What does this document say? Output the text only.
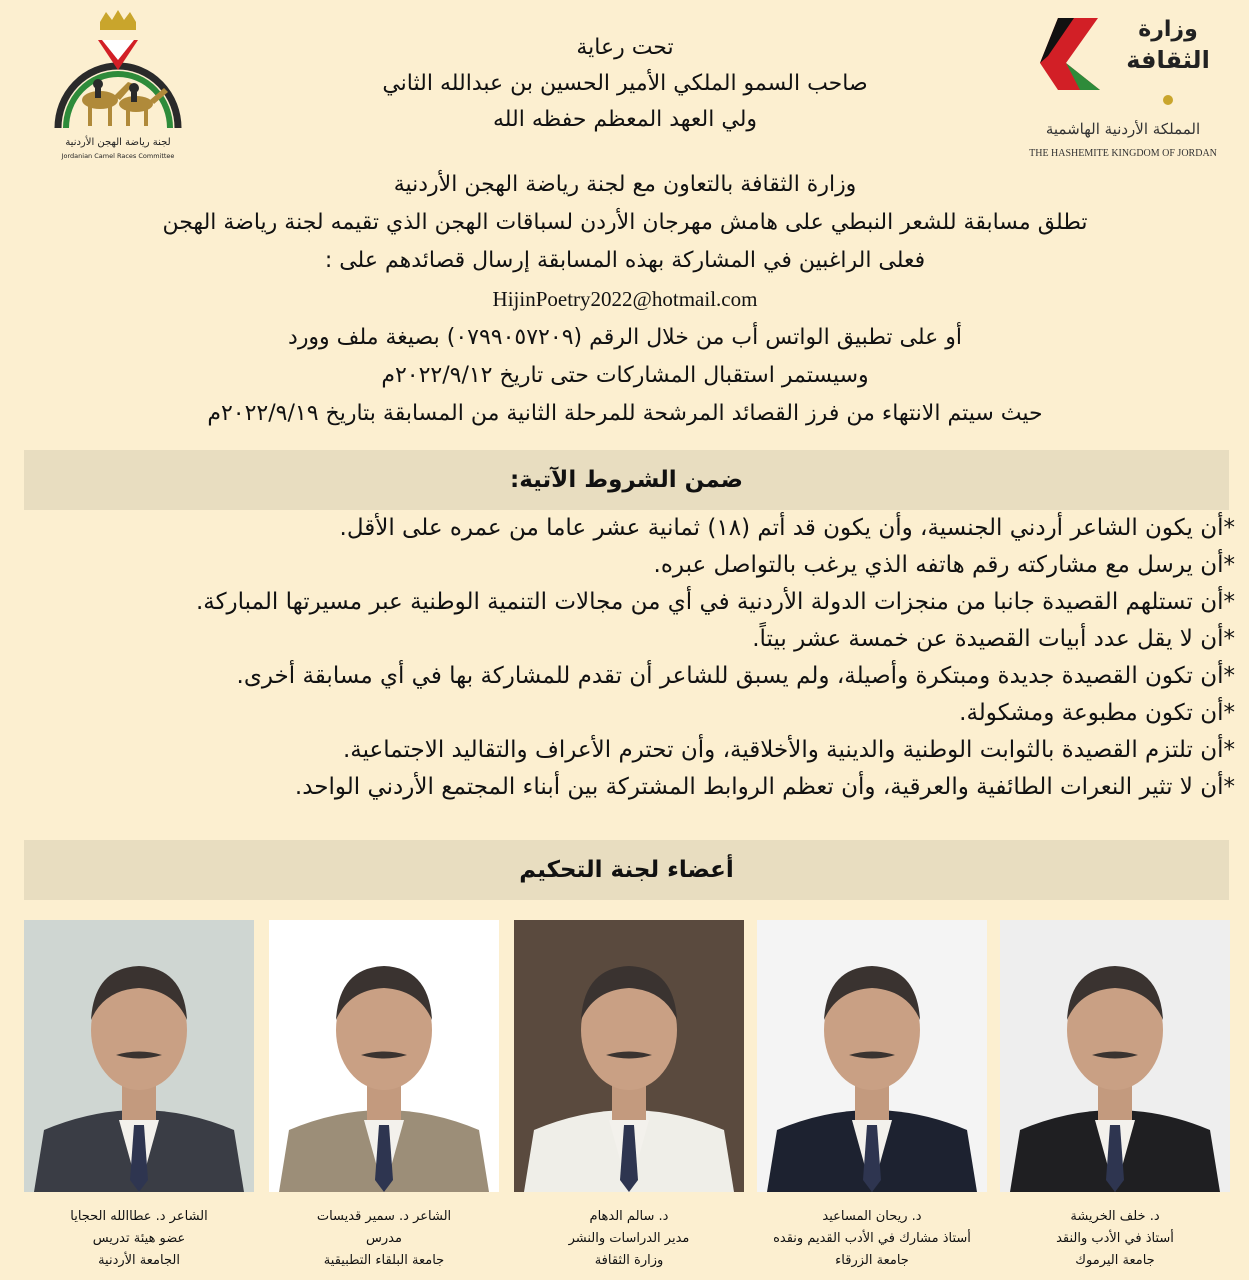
لجنة رياضة الهجن الأردنية
Jordanian Camel Races Committee
وزارة
الثقافة
المملكة الأردنية الهاشمية
THE HASHEMITE KINGDOM OF JORDAN
تحت رعاية
صاحب السمو الملكي الأمير الحسين بن عبدالله الثاني
ولي العهد المعظم حفظه الله
وزارة الثقافة بالتعاون مع لجنة رياضة الهجن الأردنية
تطلق مسابقة للشعر النبطي على هامش مهرجان الأردن لسباقات الهجن الذي تقيمه لجنة رياضة الهجن
فعلى الراغبين في المشاركة بهذه المسابقة إرسال قصائدهم على :
HijinPoetry2022@hotmail.com
أو على تطبيق الواتس أب من خلال الرقم (٠٧٩٩٠٥٧٢٠٩) بصيغة ملف وورد
وسيستمر استقبال المشاركات حتى تاريخ ٢٠٢٢/٩/١٢م
حيث سيتم الانتهاء من فرز القصائد المرشحة للمرحلة الثانية من المسابقة بتاريخ ٢٠٢٢/٩/١٩م
ضمن الشروط الآتية:
*أن يكون الشاعر أردني الجنسية، وأن يكون قد أتم (١٨) ثمانية عشر عاما من عمره على الأقل.
*أن يرسل مع مشاركته رقم هاتفه الذي يرغب بالتواصل عبره.
*أن تستلهم القصيدة جانبا من منجزات الدولة الأردنية في أي من مجالات التنمية الوطنية عبر مسيرتها المباركة.
*أن لا يقل عدد أبيات القصيدة عن خمسة عشر بيتاً.
*أن تكون القصيدة جديدة ومبتكرة وأصيلة، ولم يسبق للشاعر أن تقدم للمشاركة بها في أي مسابقة أخرى.
*أن تكون مطبوعة ومشكولة.
*أن تلتزم القصيدة بالثوابت الوطنية والدينية والأخلاقية، وأن تحترم الأعراف والتقاليد الاجتماعية.
*أن لا تثير النعرات الطائفية والعرقية، وأن تعظم الروابط المشتركة بين أبناء المجتمع الأردني الواحد.
أعضاء لجنة التحكيم
الشاعر د. عطاالله الحجايا
عضو هيئة تدريس
الجامعة الأردنية
الشاعر د. سمير قديسات
مدرس
جامعة البلقاء التطبيقية
د. سالم الدهام
مدير الدراسات والنشر
وزارة الثقافة
د. ريحان المساعيد
أستاذ مشارك في الأدب القديم ونقده
جامعة الزرقاء
د. خلف الخريشة
أستاذ في الأدب والنقد
جامعة اليرموك
